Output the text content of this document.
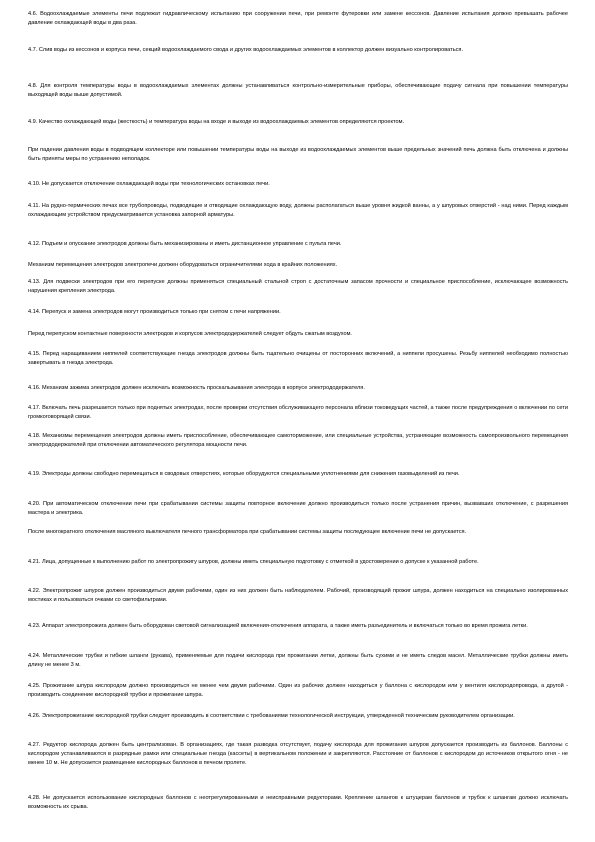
4.6. Водоохлаждаемые элементы печи подлежат гидравлическому испытанию при сооружении печи, при ремонте футеровки или замене кессонов. Давление испытания должно превышать рабочее давление охлаждающей воды в два раза.

4.7. Слив воды из кессонов и корпуса печи, секций водоохлаждаемого свода и других водоохлаждаемых элементов в коллектор должен визуально контролироваться.

4.8. Для контроля температуры воды в водоохлаждаемых элементах должны устанавливаться контрольно-измерительные приборы, обеспечивающие подачу сигнала при повышении температуры выходящей воды выше допустимой.

4.9. Качество охлаждающей воды (жесткость) и температура воды на входе и выходе из водоохлаждаемых элементов определяются проектом.

При падении давления воды в подводящем коллекторе или повышении температуры воды на выходе из водоохлаждаемых элементов выше предельных значений печь должна быть отключена и должны быть приняты меры по устранению неполадок.

4.10. Не допускается отключение охлаждающей воды при технологических остановках печи.

4.11. На рудно-термических печах все трубопроводы, подводящие и отводящие охлаждающую воду, должны располагаться выше уровня жидкой ванны, а у шпуровых отверстий - над ними. Перед каждым охлаждающим устройством предусматривается установка запорной арматуры.

4.12. Подъем и опускание электродов должны быть механизированы и иметь дистанционное управление с пульта печи.

Механизм перемещения электродов электропечи должен оборудоваться ограничителями хода в крайних положениях.

4.13. Для подвески электродов при его перепуске должны применяться специальный стальной строп с достаточным запасом прочности и специальное приспособление, исключающее возможность нарушения крепления электрода.

4.14. Перепуск и замена электродов могут производиться только при снятом с печи напряжении.

Перед перепуском контактные поверхности электродов и корпусов электрододержателей следует обдуть сжатым воздухом.

4.15. Перед наращиванием ниппелей соответствующие гнезда электродов должны быть тщательно очищены от посторонних включений, а ниппели просушены. Резьбу ниппелей необходимо полностью завертывать в гнезда электрода.

4.16. Механизм зажима электродов должен исключать возможность проскальзывания электрода в корпусе электрододержателя.

4.17. Включать печь разрешается только при поднятых электродах, после проверки отсутствия обслуживающего персонала вблизи токоведущих частей, а также после предупреждения о включении по сети громкоговорящей связи.

4.18. Механизмы перемещения электродов должны иметь приспособление, обеспечивающее самоторможение, или специальные устройства, устраняющие возможность самопроизвольного перемещения электрододержателей при отключении автоматического регулятора мощности печи.

4.19. Электроды должны свободно перемещаться в сводовых отверстиях, которые оборудуются специальными уплотнениями для снижения газовыделений из печи.

4.20. При автоматическом отключении печи при срабатывании системы защиты повторное включение должно производиться только после устранения причин, вызвавших отключение, с разрешения мастера и электрика.

После многократного отключения масляного выключателя печного трансформатора при срабатывании системы защиты последующее включение печи не допускается.

4.21. Лица, допущенные к выполнению работ по электропрожигу шпуров, должны иметь специальную подготовку с отметкой в удостоверении о допуске к указанной работе.

4.22. Электропрожиг шпуров должен производиться двумя рабочими, один из них должен быть наблюдателем. Рабочий, производящий прожиг шпура, должен находиться на специально изолированных мостиках и пользоваться очками со светофильтрами.

4.23. Аппарат электропрожига должен быть оборудован световой сигнализацией включения-отключения аппарата, а также иметь разъединитель и включаться только во время прожига летки.

4.24. Металлические трубки и гибкие шланги (рукава), применяемые для подачи кислорода при прожигании летки, должны быть сухими и не иметь следов масел. Металлические трубки должны иметь длину не менее 3 м.

4.25. Прожигание шпура кислородом должно производиться не менее чем двумя рабочими. Один из рабочих должен находиться у баллона с кислородом или у вентиля кислородопровода, а другой - производить соединение кислородной трубки и прожигание шпура.

4.26. Электропрожигание кислородной трубки следует производить в соответствии с требованиями технологической инструкции, утвержденной техническим руководителем организации.

4.27. Редуктор кислорода должен быть централизован. В организациях, где такая разводка отсутствует, подачу кислорода для прожигания шпуров допускается производить из баллонов. Баллоны с кислородом устанавливаются в разрядные рамки или специальные гнезда (кассеты) в вертикальном положении и закрепляются. Расстояние от баллонов с кислородом до источников открытого огня - не менее 10 м. Не допускается размещение кислородных баллонов в печном пролете.

4.28. Не допускается использование кислородных баллонов с неотрегулированными и неисправными редукторами. Крепление шлангов к штуцерам баллонов и трубок к шлангам должно исключать возможность их срыва.
